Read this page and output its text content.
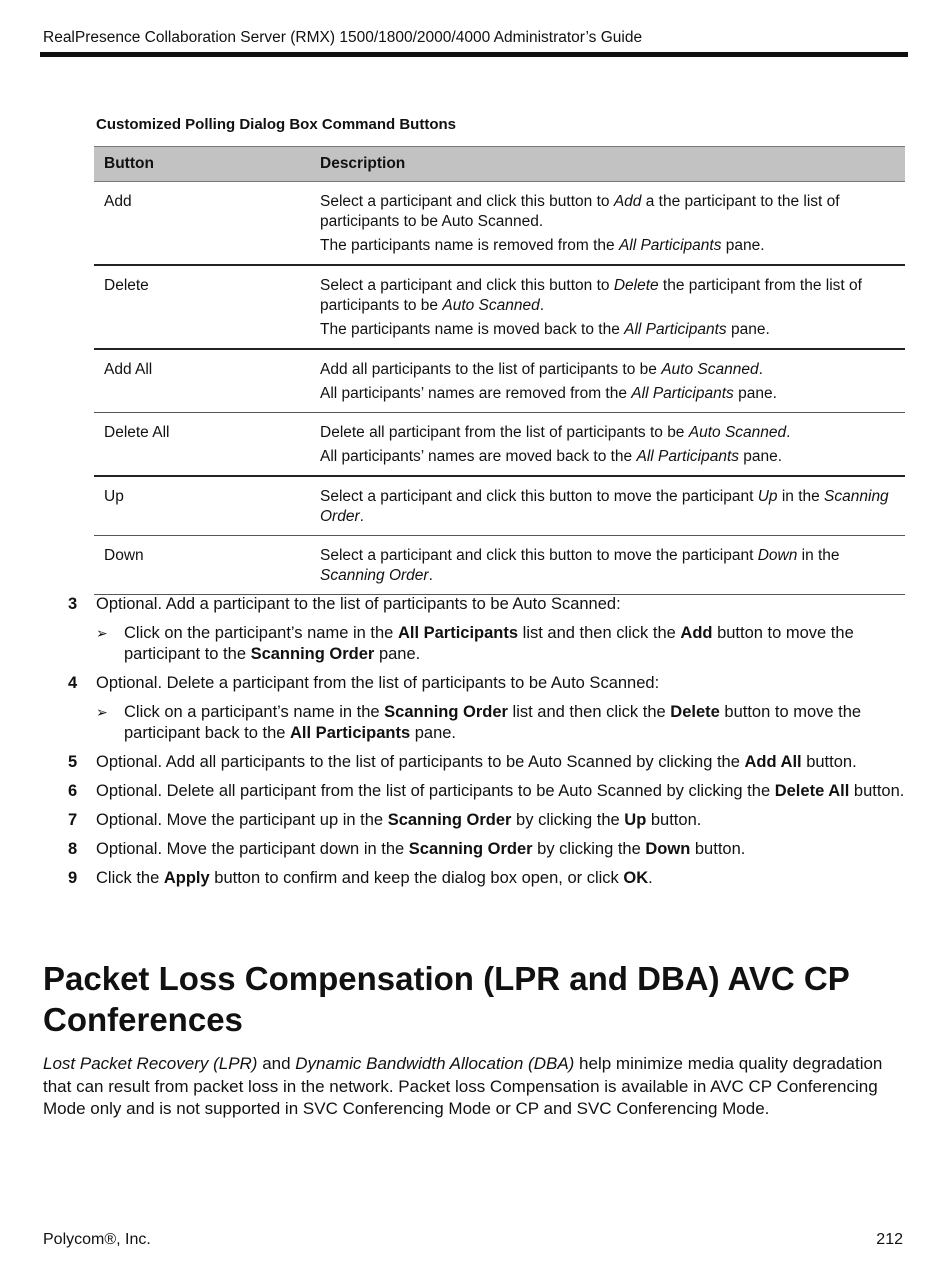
RealPresence Collaboration Server (RMX) 1500/1800/2000/4000 Administrator’s Guide
Customized Polling Dialog Box Command Buttons
Button	Description
Add	Select a participant and click this button to Add a the participant to the list of participants to be Auto Scanned.

The participants name is removed from the All Participants pane.

Delete	Select a participant and click this button to Delete the participant from the list of participants to be Auto Scanned.

The participants name is moved back to the All Participants pane.

Add All	Add all participants to the list of participants to be Auto Scanned.

All participants’ names are removed from the All Participants pane.

Delete All	Delete all participant from the list of participants to be Auto Scanned.

All participants’ names are moved back to the All Participants pane.

Up	Select a participant and click this button to move the participant Up in the Scanning Order.

Down	Select a participant and click this button to move the participant Down in the Scanning Order.

3	Optional. Add a participant to the list of participants to be Auto Scanned:
➢ Click on the participant’s name in the All Participants list and then click the Add button to move the participant to the Scanning Order pane.
4	Optional. Delete a participant from the list of participants to be Auto Scanned:
➢ Click on a participant’s name in the Scanning Order list and then click the Delete button to move the participant back to the All Participants pane.
5	Optional. Add all participants to the list of participants to be Auto Scanned by clicking the Add All button.
6	Optional. Delete all participant from the list of participants to be Auto Scanned by clicking the Delete All button.
7	Optional. Move the participant up in the Scanning Order by clicking the Up button.
8	Optional. Move the participant down in the Scanning Order by clicking the Down button.
9	Click the Apply button to confirm and keep the dialog box open, or click OK.
Packet Loss Compensation (LPR and DBA) AVC CP Conferences

Lost Packet Recovery (LPR) and Dynamic Bandwidth Allocation (DBA) help minimize media quality degradation that can result from packet loss in the network. Packet loss Compensation is available in AVC CP Conferencing Mode only and is not supported in SVC Conferencing Mode or CP and SVC Conferencing Mode.

Polycom®, Inc.	212
